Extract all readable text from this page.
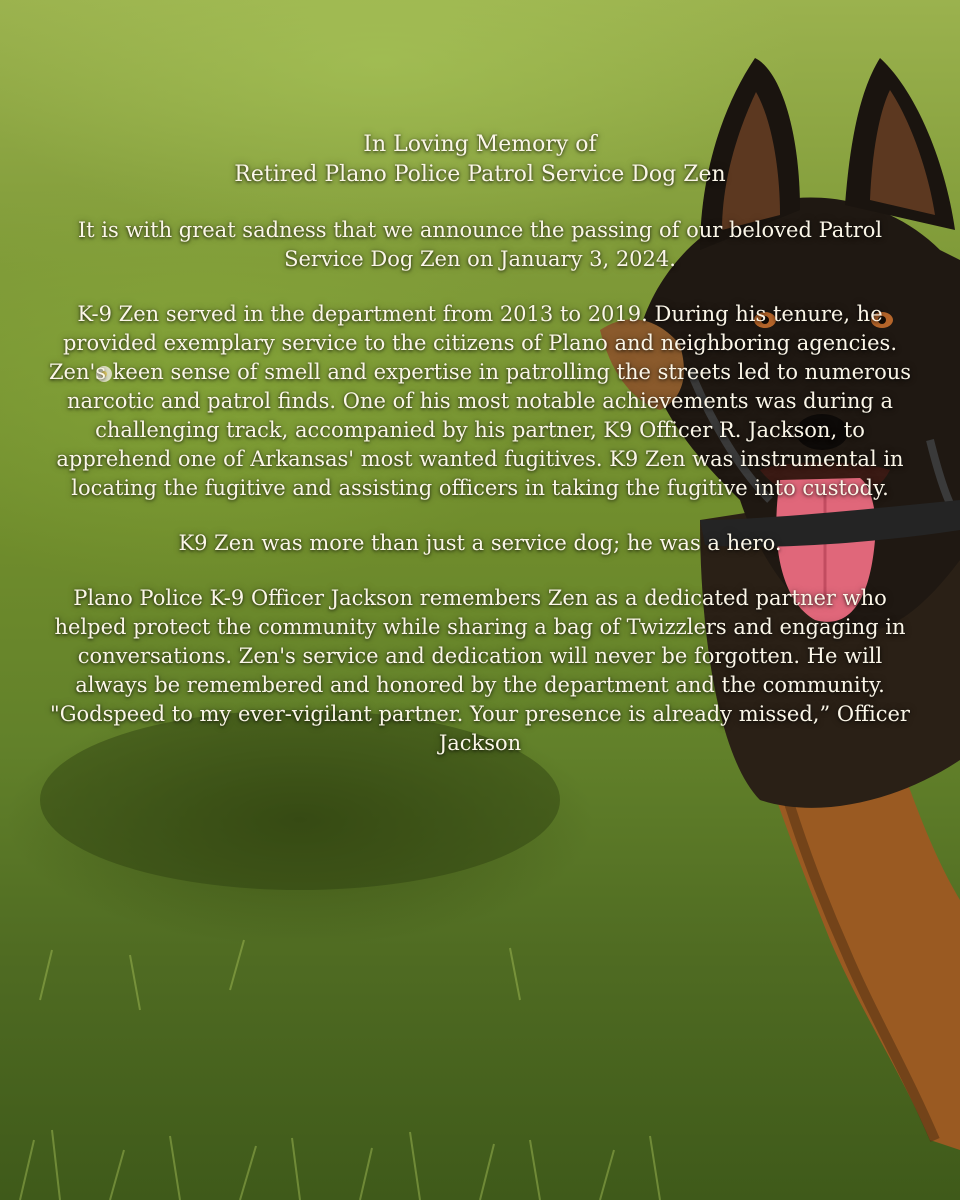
In Loving Memory of
Retired Plano Police Patrol Service Dog Zen

It is with great sadness that we announce the passing of our beloved Patrol Service Dog Zen on January 3, 2024.

K-9 Zen served in the department from 2013 to 2019. During his tenure, he provided exemplary service to the citizens of Plano and neighboring agencies. Zen's keen sense of smell and expertise in patrolling the streets led to numerous narcotic and patrol finds. One of his most notable achievements was during a challenging track, accompanied by his partner, K9 Officer R. Jackson, to apprehend one of Arkansas' most wanted fugitives. K9 Zen was instrumental in locating the fugitive and assisting officers in taking the fugitive into custody.

K9 Zen was more than just a service dog; he was a hero.

Plano Police K-9 Officer Jackson remembers Zen as a dedicated partner who helped protect the community while sharing a bag of Twizzlers and engaging in conversations. Zen's service and dedication will never be forgotten. He will always be remembered and honored by the department and the community. "Godspeed to my ever-vigilant partner. Your presence is already missed,” Officer Jackson
